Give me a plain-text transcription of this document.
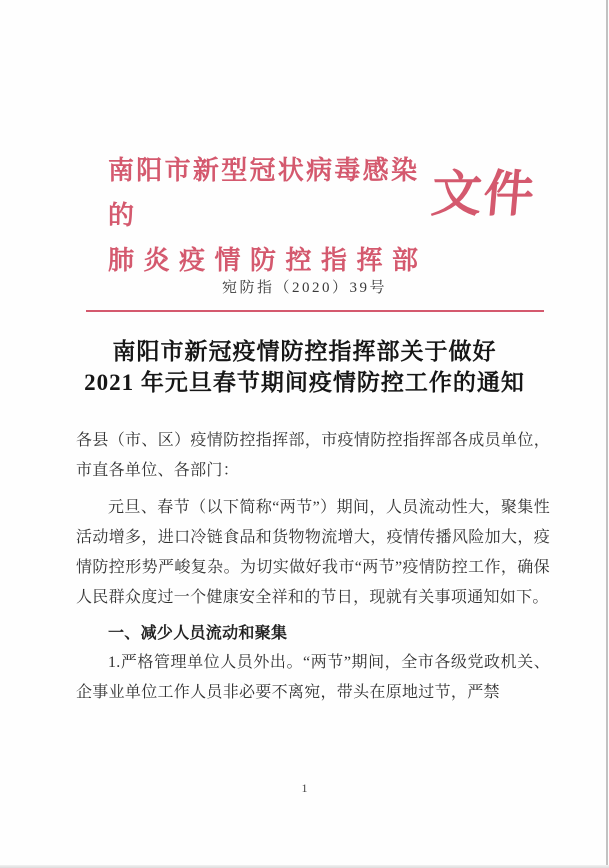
南阳市新型冠状病毒感染的
肺炎疫情防控指挥部
文件
宛防指（2020）39号
南阳市新冠疫情防控指挥部关于做好
2021 年元旦春节期间疫情防控工作的通知

各县（市、区）疫情防控指挥部，市疫情防控指挥部各成员单位，市直各单位、各部门：

元旦、春节（以下简称“两节”）期间，人员流动性大，聚集性活动增多，进口冷链食品和货物物流增大，疫情传播风险加大，疫情防控形势严峻复杂。为切实做好我市“两节”疫情防控工作，确保人民群众度过一个健康安全祥和的节日，现就有关事项通知如下。

一、减少人员流动和聚集

1.严格管理单位人员外出。“两节”期间，全市各级党政机关、企事业单位工作人员非必要不离宛，带头在原地过节，严禁

1
